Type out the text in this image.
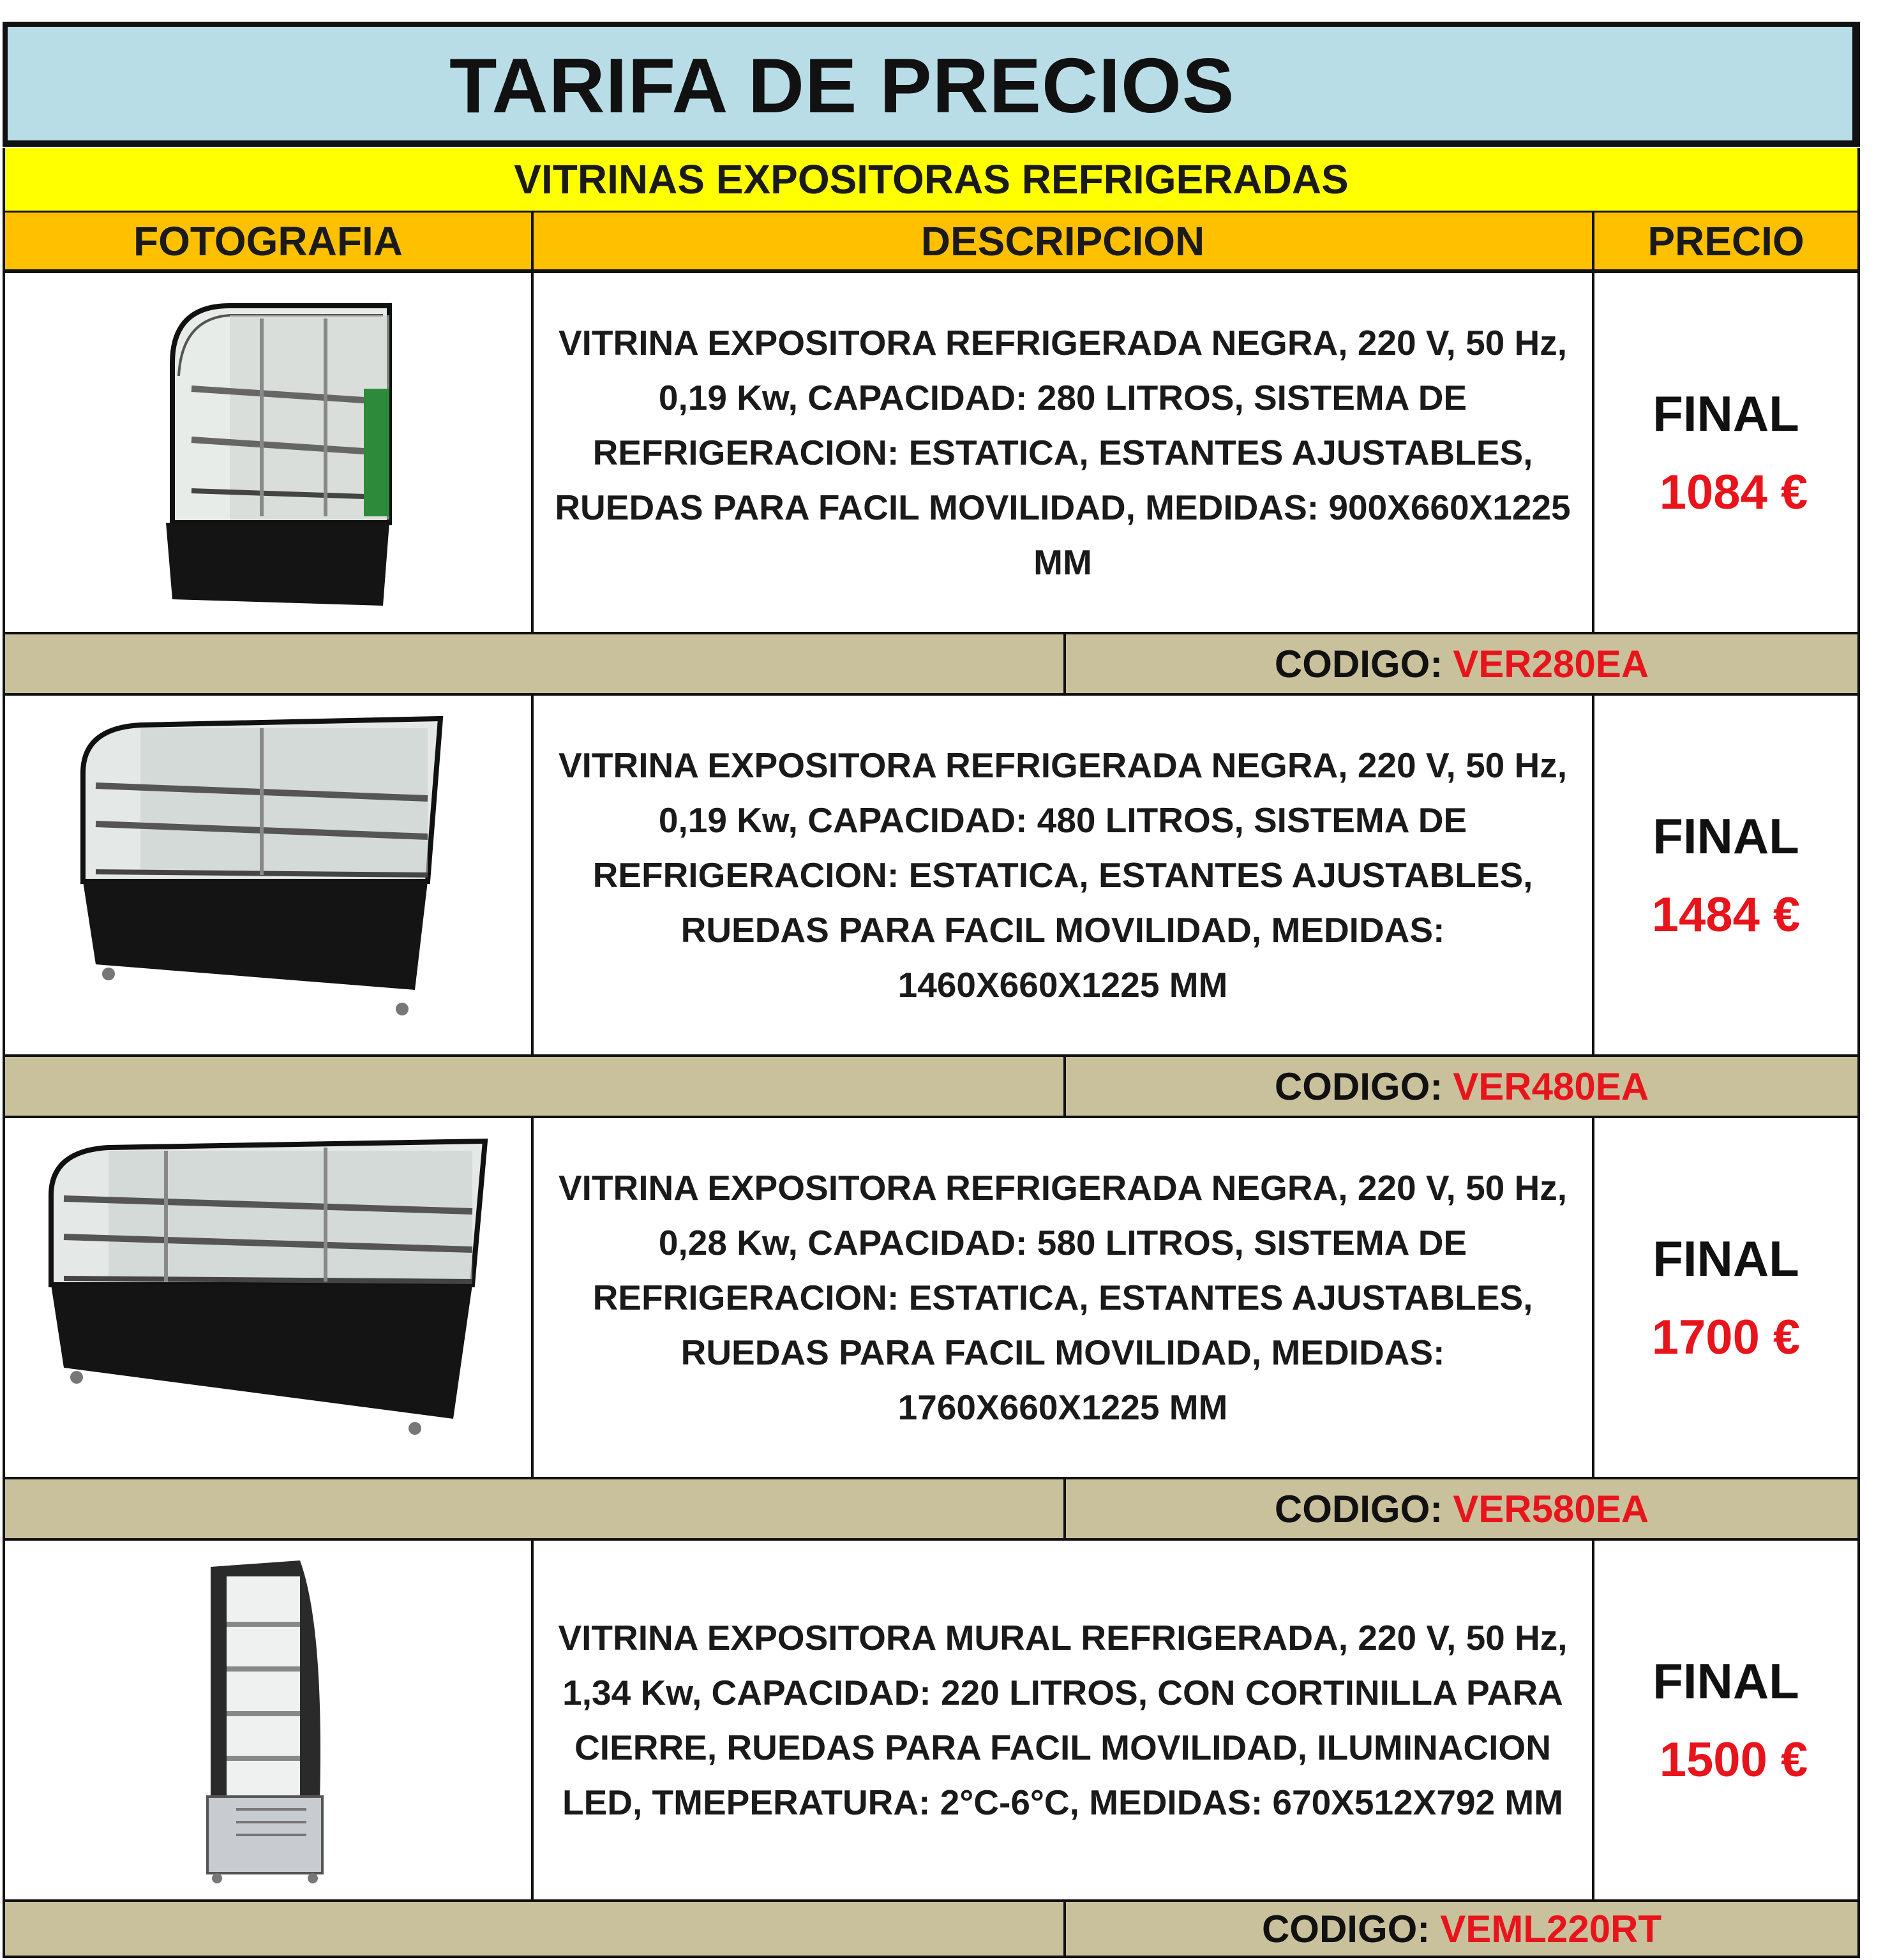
TARIFA DE PRECIOS
VITRINAS EXPOSITORAS REFRIGERADAS
FOTOGRAFIA	DESCRIPCION	PRECIO
VITRINA EXPOSITORA REFRIGERADA NEGRA, 220 V, 50 Hz, 0,19 Kw, CAPACIDAD: 280 LITROS, SISTEMA DE REFRIGERACION: ESTATICA, ESTANTES AJUSTABLES, RUEDAS PARA FACIL MOVILIDAD, MEDIDAS: 900X660X1225 MM
FINAL
1084 €
CODIGO: VER280EA
VITRINA EXPOSITORA REFRIGERADA NEGRA, 220 V, 50 Hz, 0,19 Kw, CAPACIDAD: 480 LITROS, SISTEMA DE REFRIGERACION: ESTATICA, ESTANTES AJUSTABLES, RUEDAS PARA FACIL MOVILIDAD, MEDIDAS: 1460X660X1225 MM
FINAL
1484 €
CODIGO: VER480EA
VITRINA EXPOSITORA REFRIGERADA NEGRA, 220 V, 50 Hz, 0,28 Kw, CAPACIDAD: 580 LITROS, SISTEMA DE REFRIGERACION: ESTATICA, ESTANTES AJUSTABLES, RUEDAS PARA FACIL MOVILIDAD, MEDIDAS: 1760X660X1225 MM
FINAL
1700 €
CODIGO: VER580EA
VITRINA EXPOSITORA MURAL REFRIGERADA, 220 V, 50 Hz, 1,34 Kw, CAPACIDAD: 220 LITROS, CON CORTINILLA PARA CIERRE, RUEDAS PARA FACIL MOVILIDAD, ILUMINACION LED, TMEPERATURA: 2°C-6°C, MEDIDAS: 670X512X792 MM
FINAL
1500 €
CODIGO: VEML220RT
